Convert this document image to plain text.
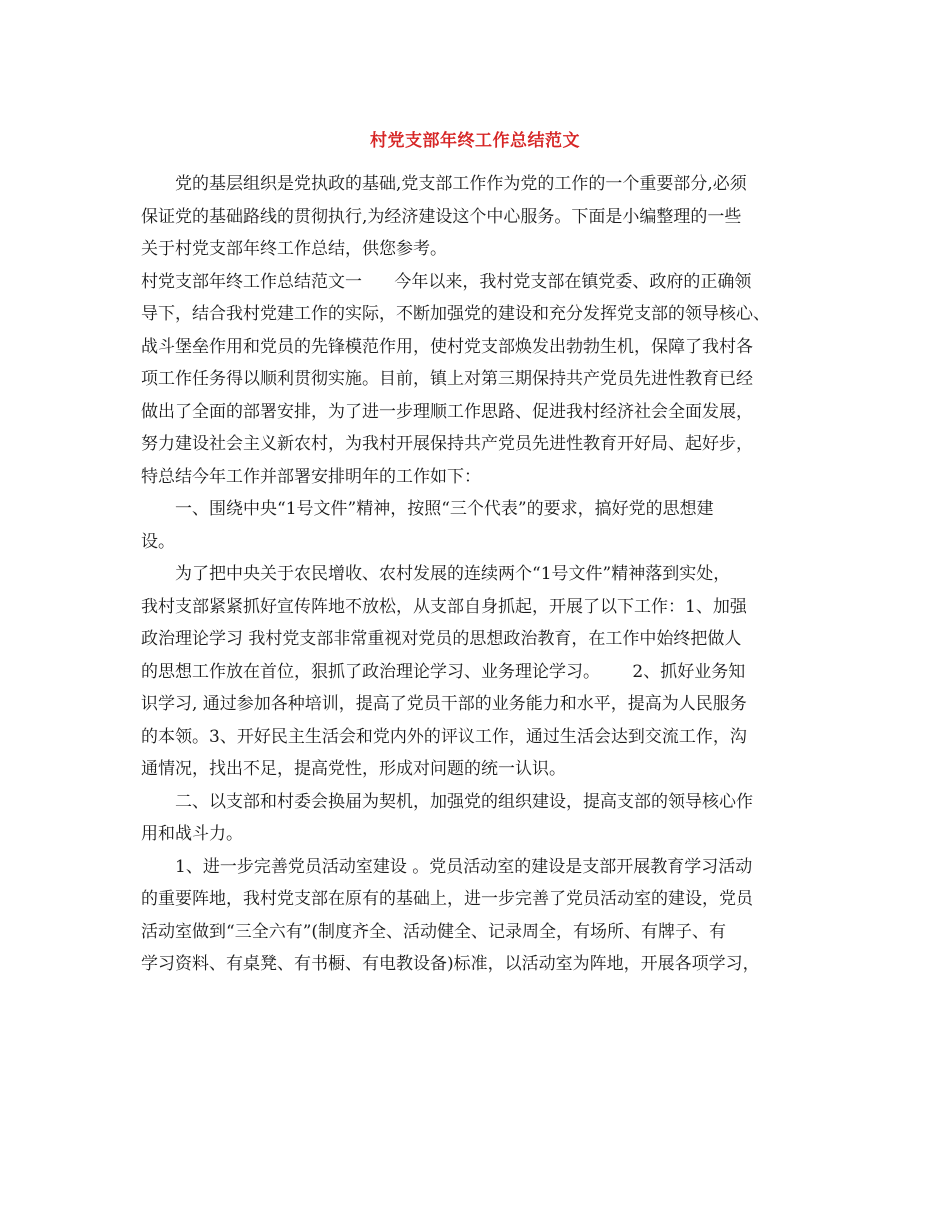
村党支部年终工作总结范文
党的基层组织是党执政的基础,党支部工作作为党的工作的一个重要部分,必须
保证党的基础路线的贯彻执行,为经济建设这个中心服务。下面是小编整理的一些
关于村党支部年终工作总结，供您参考。
村党支部年终工作总结范文一      今年以来，我村党支部在镇党委、政府的正确领
导下，结合我村党建工作的实际，不断加强党的建设和充分发挥党支部的领导核心、
战斗堡垒作用和党员的先锋模范作用，使村党支部焕发出勃勃生机，保障了我村各
项工作任务得以顺利贯彻实施。目前，镇上对第三期保持共产党员先进性教育已经
做出了全面的部署安排，为了进一步理顺工作思路、促进我村经济社会全面发展，
努力建设社会主义新农村，为我村开展保持共产党员先进性教育开好局、起好步，
特总结今年工作并部署安排明年的工作如下：
一、围绕中央“1号文件”精神，按照“三个代表”的要求，搞好党的思想建
设。
为了把中央关于农民增收、农村发展的连续两个“1号文件”精神落到实处，
我村支部紧紧抓好宣传阵地不放松，从支部自身抓起，开展了以下工作：1、加强
政治理论学习 我村党支部非常重视对党员的思想政治教育，在工作中始终把做人
的思想工作放在首位，狠抓了政治理论学习、业务理论学习。      2、抓好业务知
识学习, 通过参加各种培训，提高了党员干部的业务能力和水平，提高为人民服务
的本领。3、开好民主生活会和党内外的评议工作，通过生活会达到交流工作，沟
通情况，找出不足，提高党性，形成对问题的统一认识。
二、以支部和村委会换届为契机，加强党的组织建设，提高支部的领导核心作
用和战斗力。
1、进一步完善党员活动室建设 。党员活动室的建设是支部开展教育学习活动
的重要阵地，我村党支部在原有的基础上，进一步完善了党员活动室的建设，党员
活动室做到“三全六有”(制度齐全、活动健全、记录周全，有场所、有牌子、有
学习资料、有桌凳、有书橱、有电教设备)标准，以活动室为阵地，开展各项学习，
